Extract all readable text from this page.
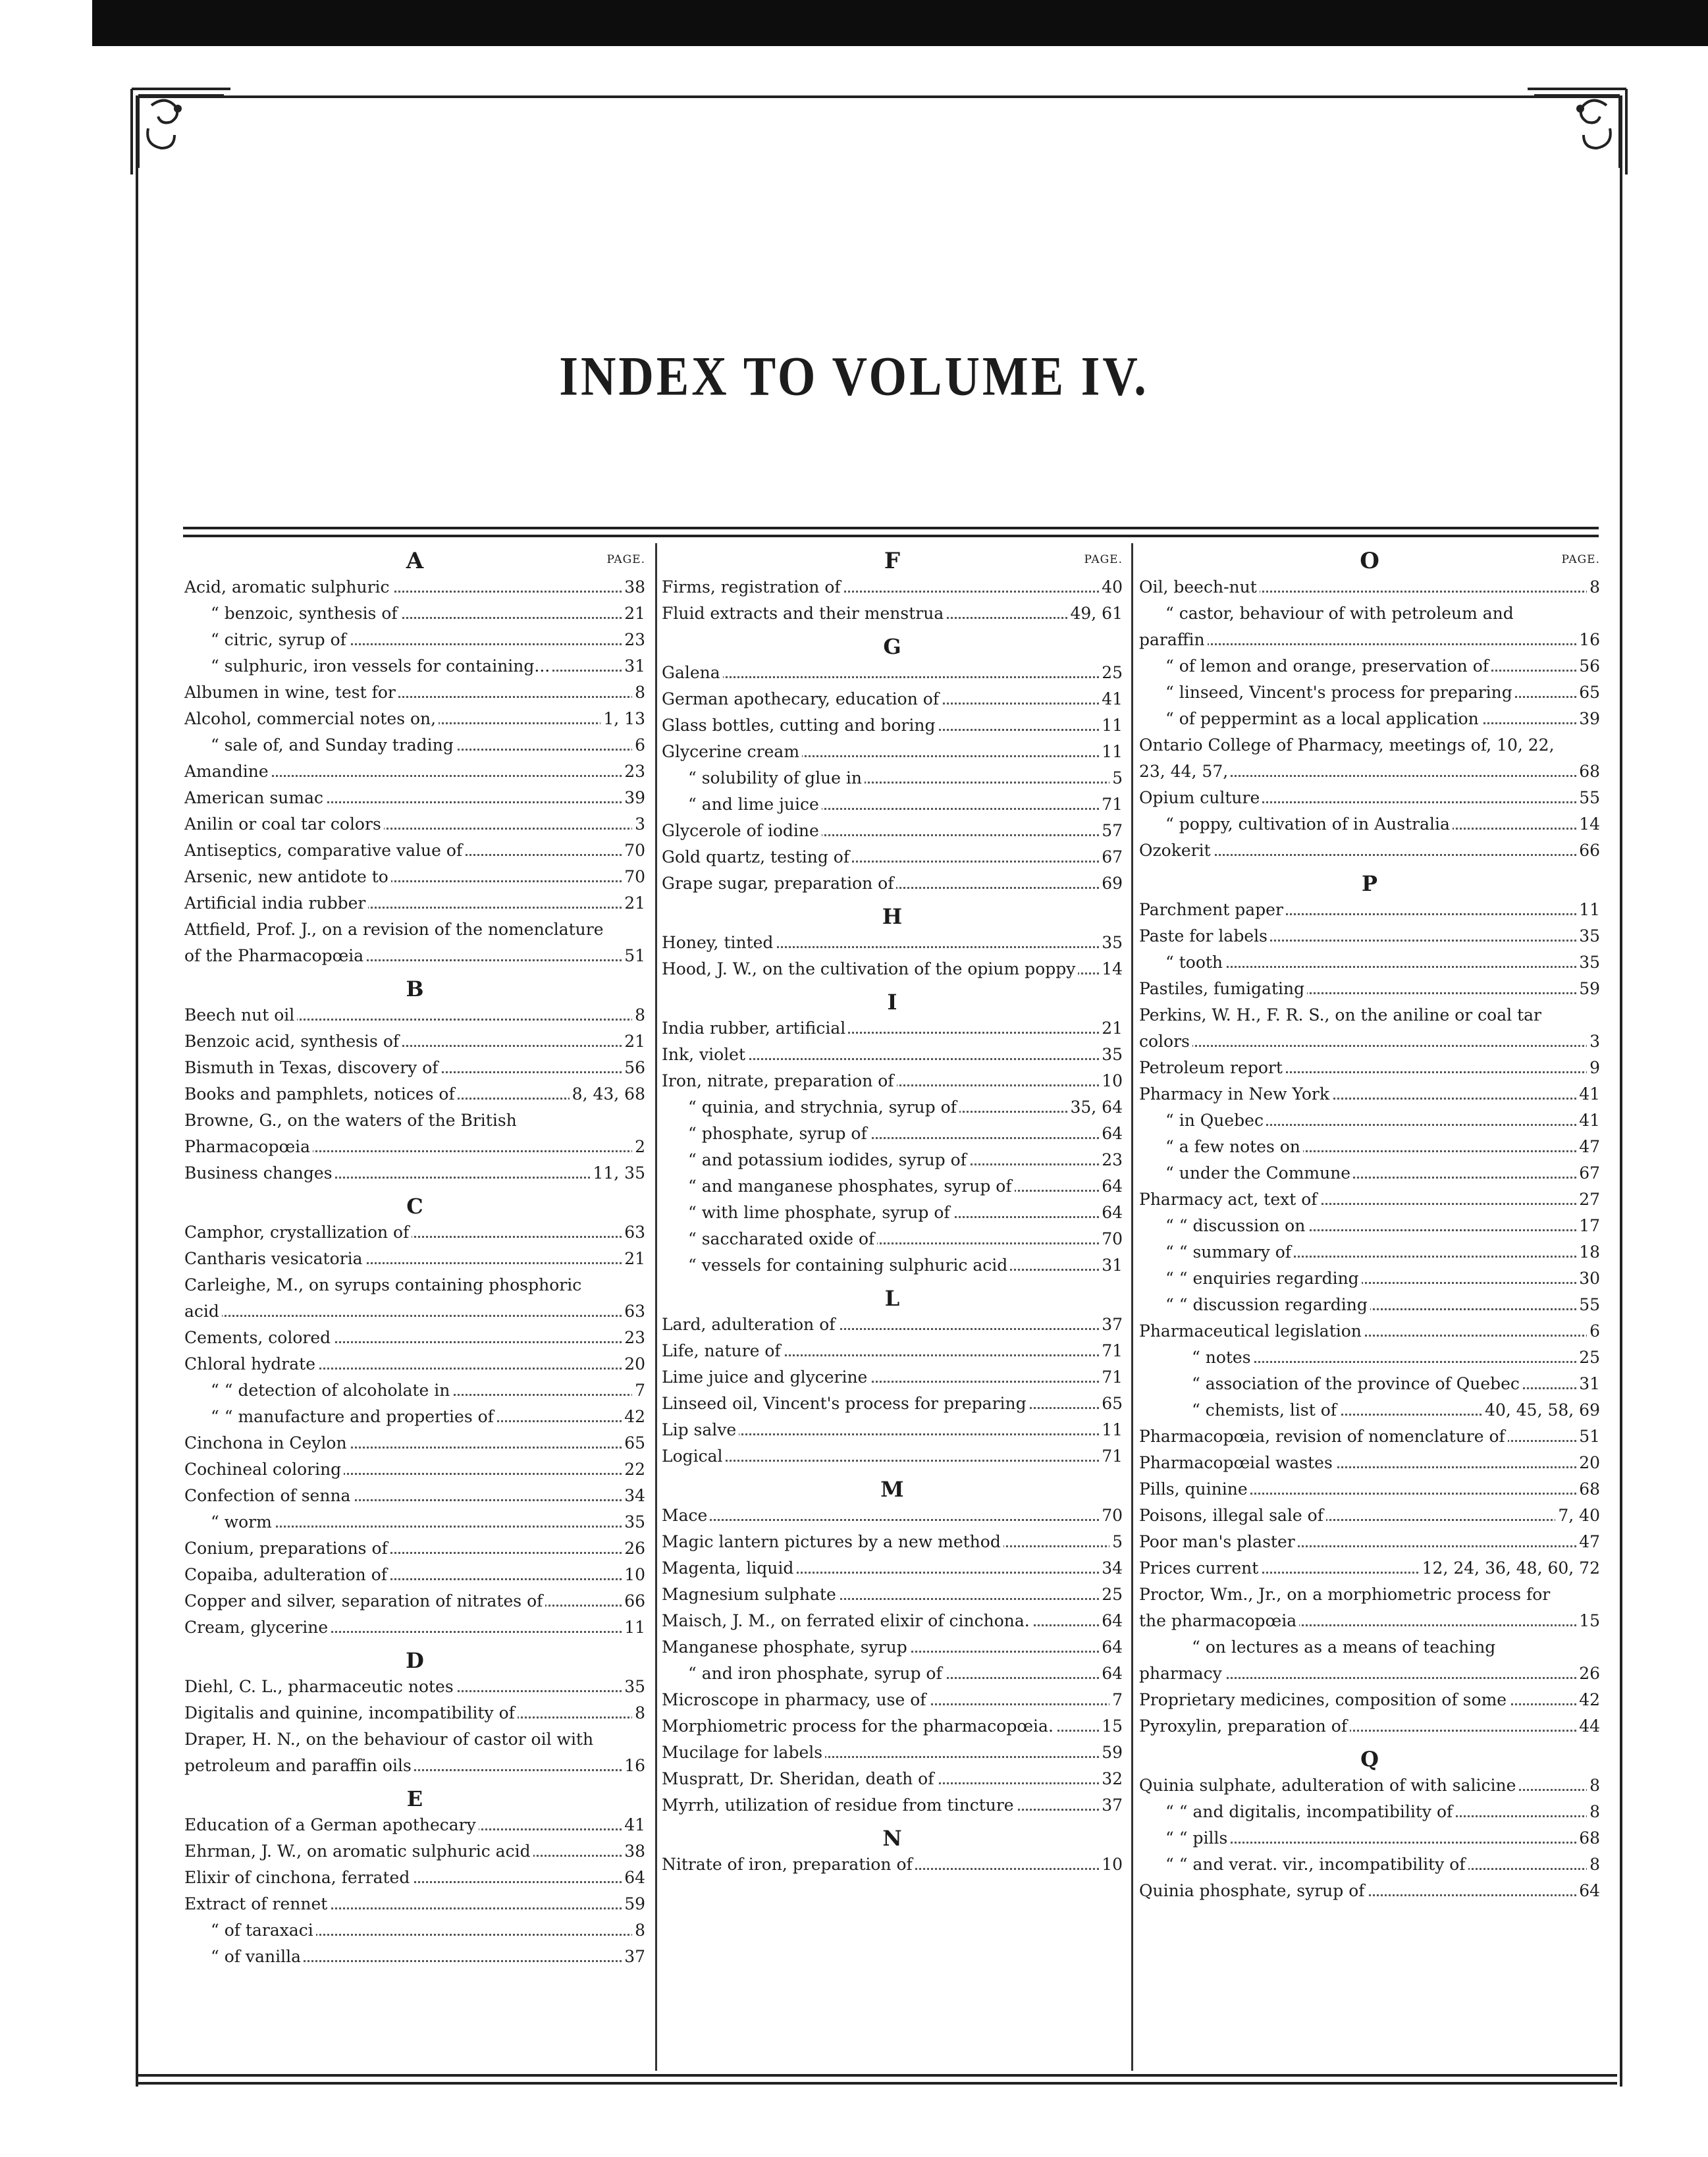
INDEX TO VOLUME IV.
A	PAGE.
Acid, aromatic sulphuric	38
“ benzoic, synthesis of	21
“ citric, syrup of	23
“ sulphuric, iron vessels for containing...	31
Albumen in wine, test for	8
Alcohol, commercial notes on,	1, 13
“ sale of, and Sunday trading	6
Amandine	23
American sumac	39
Anilin or coal tar colors	3
Antiseptics, comparative value of	70
Arsenic, new antidote to	70
Artificial india rubber	21
Attfield, Prof. J., on a revision of the nomenclature of the Pharmacopœia	51
B
Beech nut oil	8
Benzoic acid, synthesis of	21
Bismuth in Texas, discovery of	56
Books and pamphlets, notices of	8, 43, 68
Browne, G., on the waters of the British Pharmacopœia	2
Business changes	11, 35
C
Camphor, crystallization of	63
Cantharis vesicatoria	21
Carleighe, M., on syrups containing phosphoric acid	63
Cements, colored	23
Chloral hydrate	20
“ “ detection of alcoholate in	7
“ “ manufacture and properties of	42
Cinchona in Ceylon	65
Cochineal coloring	22
Confection of senna	34
“ worm	35
Conium, preparations of	26
Copaiba, adulteration of	10
Copper and silver, separation of nitrates of	66
Cream, glycerine	11
D
Diehl, C. L., pharmaceutic notes	35
Digitalis and quinine, incompatibility of	8
Draper, H. N., on the behaviour of castor oil with petroleum and paraffin oils	16
E
Education of a German apothecary	41
Ehrman, J. W., on aromatic sulphuric acid	38
Elixir of cinchona, ferrated	64
Extract of rennet	59
“ of taraxaci	8
“ of vanilla	37
F	PAGE.
Firms, registration of	40
Fluid extracts and their menstrua	49, 61
G
Galena	25
German apothecary, education of	41
Glass bottles, cutting and boring	11
Glycerine cream	11
“ solubility of glue in	5
“ and lime juice	71
Glycerole of iodine	57
Gold quartz, testing of	67
Grape sugar, preparation of	69
H
Honey, tinted	35
Hood, J. W., on the cultivation of the opium poppy 14
I
India rubber, artificial	21
Ink, violet	35
Iron, nitrate, preparation of	10
“ quinia, and strychnia, syrup of	35, 64
“ phosphate, syrup of	64
“ and potassium iodides, syrup of	23
“ and manganese phosphates, syrup of	64
“ with lime phosphate, syrup of	64
“ saccharated oxide of	70
“ vessels for containing sulphuric acid	31
L
Lard, adulteration of	37
Life, nature of	71
Lime juice and glycerine	71
Linseed oil, Vincent's process for preparing	65
Lip salve	11
Logical	71
M
Mace	70
Magic lantern pictures by a new method	5
Magenta, liquid	34
Magnesium sulphate	25
Maisch, J. M., on ferrated elixir of cinchona.	64
Manganese phosphate, syrup	64
“ and iron phosphate, syrup of	64
Microscope in pharmacy, use of	7
Morphiometric process for the pharmacopœia.	15
Mucilage for labels	59
Muspratt, Dr. Sheridan, death of	32
Myrrh, utilization of residue from tincture	37
N
Nitrate of iron, preparation of	10
O	PAGE.
Oil, beech-nut	8
“ castor, behaviour of with petroleum and paraffin	16
“ of lemon and orange, preservation of	56
“ linseed, Vincent's process for preparing	65
“ of peppermint as a local application	39
Ontario College of Pharmacy, meetings of, 10, 22, 23, 44, 57,	68
Opium culture	55
“ poppy, cultivation of in Australia	14
Ozokerit	66
P
Parchment paper	11
Paste for labels	35
“ tooth	35
Pastiles, fumigating	59
Perkins, W. H., F. R. S., on the aniline or coal tar colors	3
Petroleum report	9
Pharmacy in New York	41
“ in Quebec	41
“ a few notes on	47
“ under the Commune	67
Pharmacy act, text of	27
“ “ discussion on	17
“ “ summary of	18
“ “ enquiries regarding	30
“ “ discussion regarding	55
Pharmaceutical legislation	6
“ notes	25
“ association of the province of Quebec	31
“ chemists, list of	40, 45, 58, 69
Pharmacopœia, revision of nomenclature of	51
Pharmacopœial wastes	20
Pills, quinine	68
Poisons, illegal sale of	7, 40
Poor man's plaster	47
Prices current	12, 24, 36, 48, 60, 72
Proctor, Wm., Jr., on a morphiometric process for the pharmacopœia	15
“ on lectures as a means of teaching pharmacy	26
Proprietary medicines, composition of some	42
Pyroxylin, preparation of	44
Q
Quinia sulphate, adulteration of with salicine	8
“ “ and digitalis, incompatibility of	8
“ “ pills	68
“ “ and verat. vir., incompatibility of	8
Quinia phosphate, syrup of	64
